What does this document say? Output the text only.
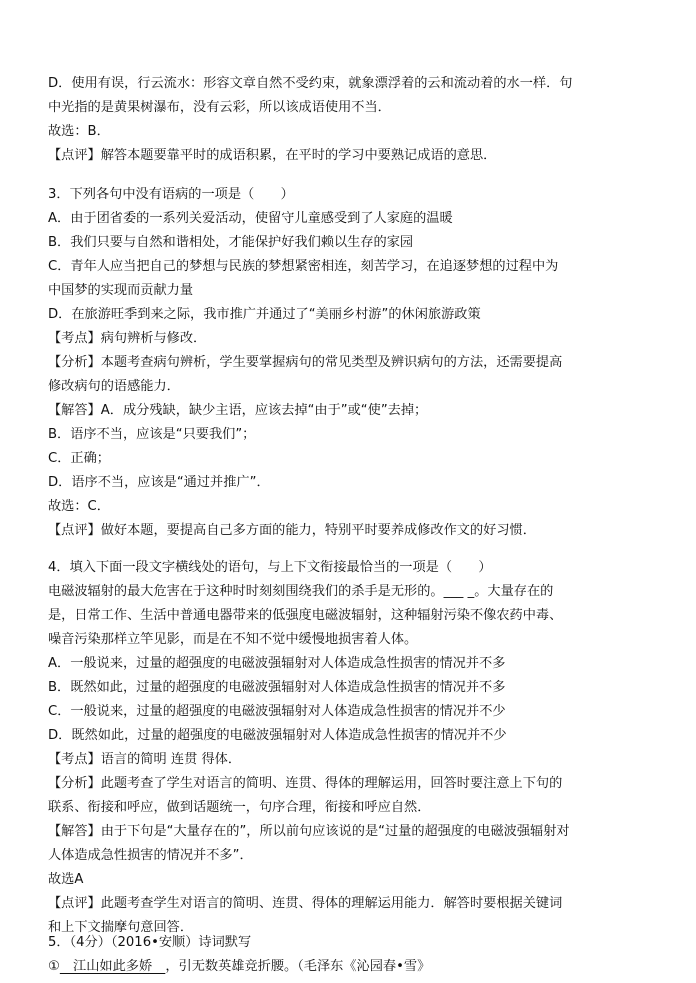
D．使用有误，行云流水：形容文章自然不受约束，就象漂浮着的云和流动着的水一样．句
中光指的是黄果树瀑布，没有云彩，所以该成语使用不当．
故选：B．
【点评】解答本题要靠平时的成语积累，在平时的学习中要熟记成语的意思．
3．下列各句中没有语病的一项是（　　）
A．由于团省委的一系列关爱活动，使留守儿童感受到了人家庭的温暖
B．我们只要与自然和谐相处，才能保护好我们赖以生存的家园
C．青年人应当把自己的梦想与民族的梦想紧密相连，刻苦学习，在追逐梦想的过程中为
中国梦的实现而贡献力量
D．在旅游旺季到来之际，我市推广并通过了“美丽乡村游”的休闲旅游政策
【考点】病句辨析与修改．
【分析】本题考查病句辨析，学生要掌握病句的常见类型及辨识病句的方法，还需要提高
修改病句的语感能力．
【解答】A．成分残缺，缺少主语，应该去掉“由于”或“使”去掉；
B．语序不当，应该是“只要我们”；
C．正确；
D．语序不当，应该是“通过并推广”．
故选：C．
【点评】做好本题，要提高自己多方面的能力，特别平时要养成修改作文的好习惯．
4．填入下面一段文字横线处的语句，与上下文衔接最恰当的一项是（　　）
电磁波辐射的最大危害在于这种时时刻刻围绕我们的杀手是无形的。___ _。大量存在的
是，日常工作、生活中普通电器带来的低强度电磁波辐射，这种辐射污染不像农药中毒、
噪音污染那样立竿见影，而是在不知不觉中缓慢地损害着人体。
A．一般说来，过量的超强度的电磁波强辐射对人体造成急性损害的情况并不多
B．既然如此，过量的超强度的电磁波强辐射对人体造成急性损害的情况并不多
C．一般说来，过量的超强度的电磁波强辐射对人体造成急性损害的情况并不少
D．既然如此，过量的超强度的电磁波强辐射对人体造成急性损害的情况并不少
【考点】语言的简明 连贯 得体．
【分析】此题考查了学生对语言的简明、连贯、得体的理解运用，回答时要注意上下句的
联系、衔接和呼应，做到话题统一，句序合理，衔接和呼应自然．
【解答】由于下句是“大量存在的”，所以前句应该说的是“过量的超强度的电磁波强辐射对
人体造成急性损害的情况并不多”．
故选A
【点评】此题考查学生对语言的简明、连贯、得体的理解运用能力．解答时要根据关键词
和上下文揣摩句意回答．
5．（4分）（2016•安顺）诗词默写
①　江山如此多娇　，引无数英雄竞折腰。（毛泽东《沁园春•雪》
